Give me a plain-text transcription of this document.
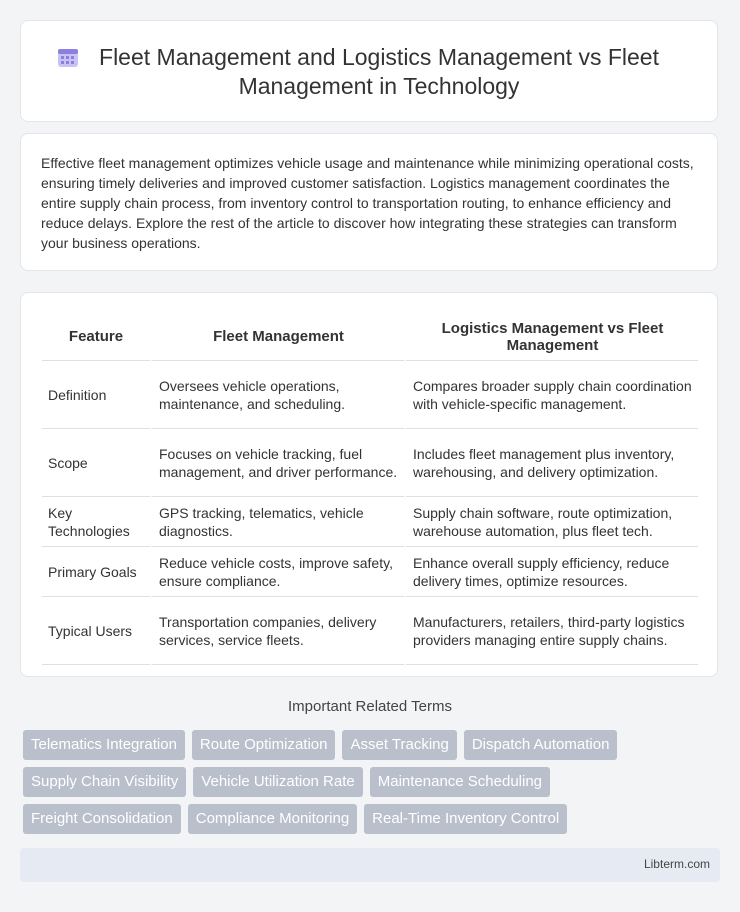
Fleet Management and Logistics Management vs Fleet Management in Technology
Effective fleet management optimizes vehicle usage and maintenance while minimizing operational costs, ensuring timely deliveries and improved customer satisfaction. Logistics management coordinates the entire supply chain process, from inventory control to transportation routing, to enhance efficiency and reduce delays. Explore the rest of the article to discover how integrating these strategies can transform your business operations.
Feature	Fleet Management	Logistics Management vs Fleet Management
Definition	Oversees vehicle operations, maintenance, and scheduling.	Compares broader supply chain coordination with vehicle-specific management.
Scope	Focuses on vehicle tracking, fuel management, and driver performance.	Includes fleet management plus inventory, warehousing, and delivery optimization.
Key Technologies	GPS tracking, telematics, vehicle diagnostics.	Supply chain software, route optimization, warehouse automation, plus fleet tech.
Primary Goals	Reduce vehicle costs, improve safety, ensure compliance.	Enhance overall supply efficiency, reduce delivery times, optimize resources.
Typical Users	Transportation companies, delivery services, service fleets.	Manufacturers, retailers, third-party logistics providers managing entire supply chains.
Important Related Terms
Telematics Integration	Route Optimization	Asset Tracking	Dispatch Automation
Supply Chain Visibility	Vehicle Utilization Rate	Maintenance Scheduling
Freight Consolidation	Compliance Monitoring	Real-Time Inventory Control
Libterm.com
